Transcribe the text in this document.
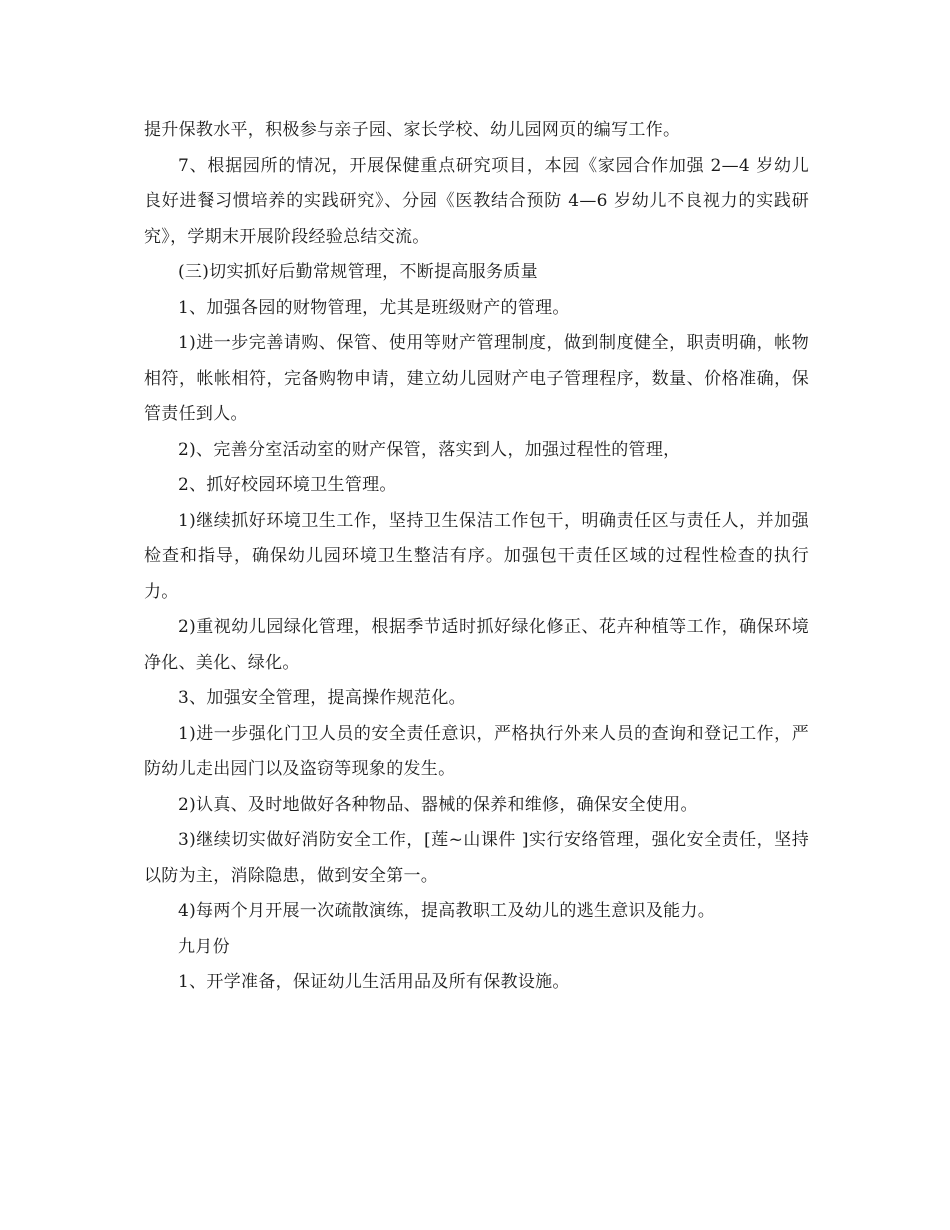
提升保教水平，积极参与亲子园、家长学校、幼儿园网页的编写工作。

7、根据园所的情况，开展保健重点研究项目，本园《家园合作加强 2—4 岁幼儿良好进餐习惯培养的实践研究》、分园《医教结合预防 4—6 岁幼儿不良视力的实践研究》，学期末开展阶段经验总结交流。

(三)切实抓好后勤常规管理，不断提高服务质量

1、加强各园的财物管理，尤其是班级财产的管理。

1)进一步完善请购、保管、使用等财产管理制度，做到制度健全，职责明确，帐物相符，帐帐相符，完备购物申请，建立幼儿园财产电子管理程序，数量、价格准确，保管责任到人。

2)、完善分室活动室的财产保管，落实到人，加强过程性的管理，

2、抓好校园环境卫生管理。

1)继续抓好环境卫生工作，坚持卫生保洁工作包干，明确责任区与责任人，并加强检查和指导，确保幼儿园环境卫生整洁有序。加强包干责任区域的过程性检查的执行力。

2)重视幼儿园绿化管理，根据季节适时抓好绿化修正、花卉种植等工作，确保环境净化、美化、绿化。

3、加强安全管理，提高操作规范化。

1)进一步强化门卫人员的安全责任意识，严格执行外来人员的查询和登记工作，严防幼儿走出园门以及盗窃等现象的发生。

2)认真、及时地做好各种物品、器械的保养和维修，确保安全使用。

3)继续切实做好消防安全工作，[莲~山课件 ]实行安络管理，强化安全责任，坚持以防为主，消除隐患，做到安全第一。

4)每两个月开展一次疏散演练，提高教职工及幼儿的逃生意识及能力。

九月份

1、开学准备，保证幼儿生活用品及所有保教设施。
